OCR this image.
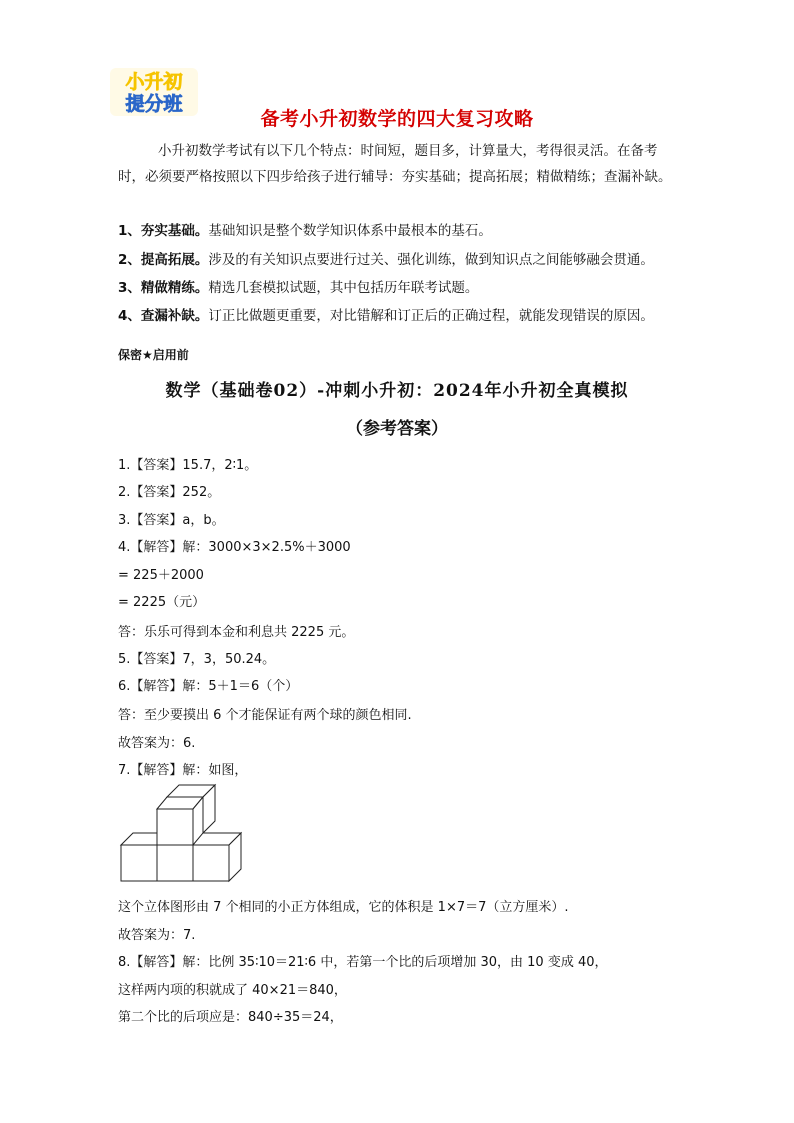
小升初
提分班
备考小升初数学的四大复习攻略
小升初数学考试有以下几个特点：时间短，题目多，计算量大，考得很灵活。在备考时，必须要严格按照以下四步给孩子进行辅导：夯实基础；提高拓展；精做精练；查漏补缺。
1、夯实基础。基础知识是整个数学知识体系中最根本的基石。
2、提高拓展。涉及的有关知识点要进行过关、强化训练，做到知识点之间能够融会贯通。
3、精做精练。精选几套模拟试题，其中包括历年联考试题。
4、查漏补缺。订正比做题更重要，对比错解和订正后的正确过程，就能发现错误的原因。
保密★启用前
数学（基础卷02）-冲刺小升初：2024年小升初全真模拟
（参考答案）
1.【答案】15.7，2∶1。
2.【答案】252。
3.【答案】a，b。
4.【解答】解：3000×3×2.5%＋3000
= 225＋2000
= 2225（元）
答：乐乐可得到本金和利息共 2225 元。
5.【答案】7，3，50.24。
6.【解答】解：5＋1＝6（个）
答：至少要摸出 6 个才能保证有两个球的颜色相同.
故答案为：6.
7.【解答】解：如图，
这个立体图形由 7 个相同的小正方体组成，它的体积是 1×7＝7（立方厘米）.
故答案为：7.
8.【解答】解：比例 35∶10＝21∶6 中，若第一个比的后项增加 30，由 10 变成 40，
这样两内项的积就成了 40×21＝840，
第二个比的后项应是：840÷35＝24，
